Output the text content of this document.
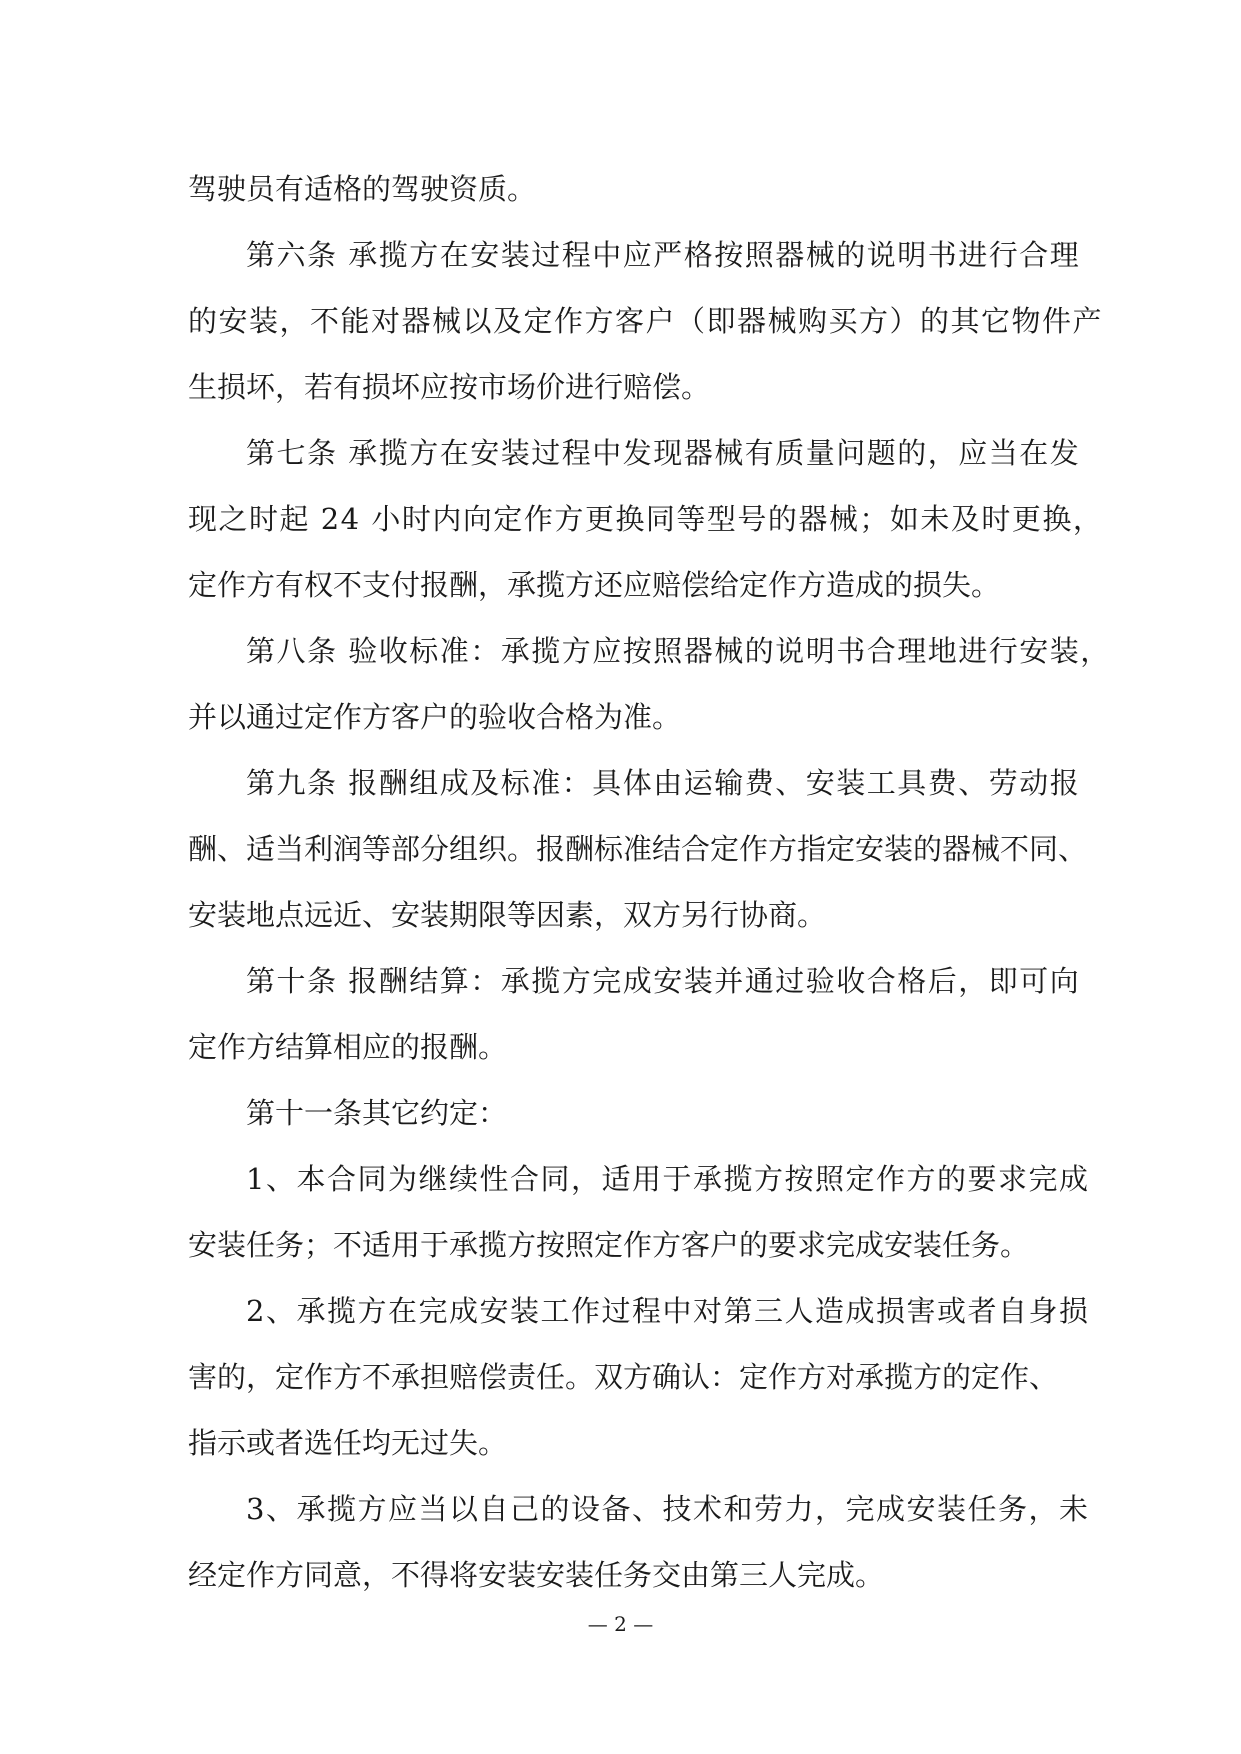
驾驶员有适格的驾驶资质。
第六条 承揽方在安装过程中应严格按照器械的说明书进行合理
的安装，不能对器械以及定作方客户（即器械购买方）的其它物件产
生损坏，若有损坏应按市场价进行赔偿。
第七条 承揽方在安装过程中发现器械有质量问题的，应当在发
现之时起 24 小时内向定作方更换同等型号的器械；如未及时更换，
定作方有权不支付报酬，承揽方还应赔偿给定作方造成的损失。
第八条 验收标准：承揽方应按照器械的说明书合理地进行安装，
并以通过定作方客户的验收合格为准。
第九条 报酬组成及标准：具体由运输费、安装工具费、劳动报
酬、适当利润等部分组织。报酬标准结合定作方指定安装的器械不同、
安装地点远近、安装期限等因素，双方另行协商。
第十条 报酬结算：承揽方完成安装并通过验收合格后，即可向
定作方结算相应的报酬。
第十一条其它约定：
1、本合同为继续性合同，适用于承揽方按照定作方的要求完成
安装任务；不适用于承揽方按照定作方客户的要求完成安装任务。
2、承揽方在完成安装工作过程中对第三人造成损害或者自身损
害的，定作方不承担赔偿责任。双方确认：定作方对承揽方的定作、
指示或者选任均无过失。
3、承揽方应当以自己的设备、技术和劳力，完成安装任务，未
经定作方同意，不得将安装安装任务交由第三人完成。
— 2 —
